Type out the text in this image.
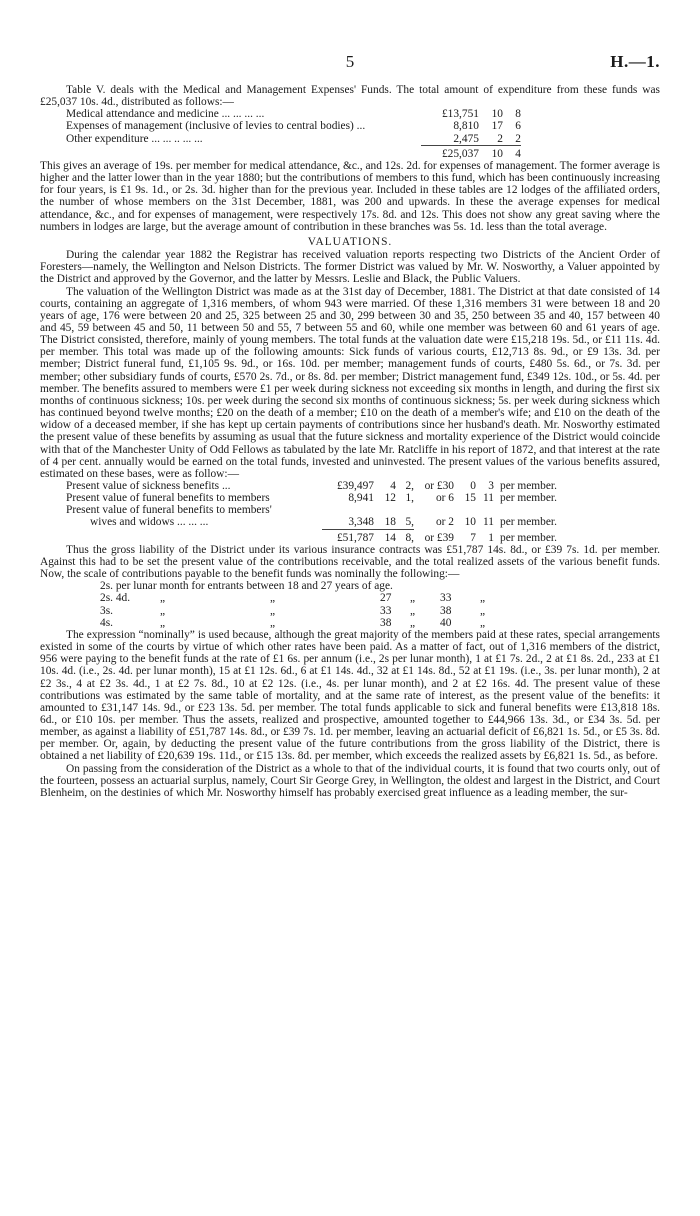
5	H.—1.

Table V. deals with the Medical and Management Expenses' Funds. The total amount of expenditure from these funds was £25,037 10s. 4d., distributed as follows:—

Medical attendance and medicine ... ... ... ...	£13,751	10	8
Expenses of management (inclusive of levies to central bodies) ...	8,810	17	6
Other expenditure ... ... .. ... ...	2,475	2	2

	£25,037	10	4

This gives an average of 19s. per member for medical attendance, &c., and 12s. 2d. for expenses of management. The former average is higher and the latter lower than in the year 1880; but the contributions of members to this fund, which has been continuously increasing for four years, is £1 9s. 1d., or 2s. 3d. higher than for the previous year. Included in these tables are 12 lodges of the affiliated orders, the number of whose members on the 31st December, 1881, was 200 and upwards. In these the average expenses for medical attendance, &c., and for expenses of management, were respectively 17s. 8d. and 12s. This does not show any great saving where the numbers in lodges are large, but the average amount of contribution in these branches was 5s. 1d. less than the total average.

VALUATIONS.

During the calendar year 1882 the Registrar has received valuation reports respecting two Districts of the Ancient Order of Foresters—namely, the Wellington and Nelson Districts. The former District was valued by Mr. W. Nosworthy, a Valuer appointed by the District and approved by the Governor, and the latter by Messrs. Leslie and Black, the Public Valuers.

The valuation of the Wellington District was made as at the 31st day of December, 1881. The District at that date consisted of 14 courts, containing an aggregate of 1,316 members, of whom 943 were married. Of these 1,316 members 31 were between 18 and 20 years of age, 176 were between 20 and 25, 325 between 25 and 30, 299 between 30 and 35, 250 between 35 and 40, 157 between 40 and 45, 59 between 45 and 50, 11 between 50 and 55, 7 between 55 and 60, while one member was between 60 and 61 years of age. The District consisted, therefore, mainly of young members. The total funds at the valuation date were £15,218 19s. 5d., or £11 11s. 4d. per member. This total was made up of the following amounts: Sick funds of various courts, £12,713 8s. 9d., or £9 13s. 3d. per member; District funeral fund, £1,105 9s. 9d., or 16s. 10d. per member; management funds of courts, £480 5s. 6d., or 7s. 3d. per member; other subsidiary funds of courts, £570 2s. 7d., or 8s. 8d. per member; District management fund, £349 12s. 10d., or 5s. 4d. per member. The benefits assured to members were £1 per week during sickness not exceeding six months in length, and during the first six months of continuous sickness; 10s. per week during the second six months of continuous sickness; 5s. per week during sickness which has continued beyond twelve months; £20 on the death of a member; £10 on the death of a member's wife; and £10 on the death of the widow of a deceased member, if she has kept up certain payments of contributions since her husband's death. Mr. Nosworthy estimated the present value of these benefits by assuming as usual that the future sickness and mortality experience of the District would coincide with that of the Manchester Unity of Odd Fellows as tabulated by the late Mr. Ratcliffe in his report of 1872, and that interest at the rate of 4 per cent. annually would be earned on the total funds, invested and uninvested. The present values of the various benefits assured, estimated on these bases, were as follow:—

Present value of sickness benefits ...	£39,497	4	2,	or £30	0	3	per member.
Present value of funeral benefits to members	8,941	12	1,	or 6	15	11	per member.
Present value of funeral benefits to members'							
wives and widows ... ... ...	3,348	18	5,	or 2	10	11	per member.

	£51,787	14	8,	or £39	7	1	per member.

Thus the gross liability of the District under its various insurance contracts was £51,787 14s. 8d., or £39 7s. 1d. per member. Against this had to be set the present value of the contributions receivable, and the total realized assets of the various benefit funds. Now, the scale of contributions payable to the benefit funds was nominally the following:—

2s. per lunar month for entrants between 18 and 27 years of age.						
2s. 4d.	„	„	27	„	33	„
3s.	„	„	33	„	38	„
4s.	„	„	38	„	40	„

The expression “nominally” is used because, although the great majority of the members paid at these rates, special arrangements existed in some of the courts by virtue of which other rates have been paid. As a matter of fact, out of 1,316 members of the district, 956 were paying to the benefit funds at the rate of £1 6s. per annum (i.e., 2s per lunar month), 1 at £1 7s. 2d., 2 at £1 8s. 2d., 233 at £1 10s. 4d. (i.e., 2s. 4d. per lunar month), 15 at £1 12s. 6d., 6 at £1 14s. 4d., 32 at £1 14s. 8d., 52 at £1 19s. (i.e., 3s. per lunar month), 2 at £2 3s., 4 at £2 3s. 4d., 1 at £2 7s. 8d., 10 at £2 12s. (i.e., 4s. per lunar month), and 2 at £2 16s. 4d. The present value of these contributions was estimated by the same table of mortality, and at the same rate of interest, as the present value of the benefits: it amounted to £31,147 14s. 9d., or £23 13s. 5d. per member. The total funds applicable to sick and funeral benefits were £13,818 18s. 6d., or £10 10s. per member. Thus the assets, realized and prospective, amounted together to £44,966 13s. 3d., or £34 3s. 5d. per member, as against a liability of £51,787 14s. 8d., or £39 7s. 1d. per member, leaving an actuarial deficit of £6,821 1s. 5d., or £5 3s. 8d. per member. Or, again, by deducting the present value of the future contributions from the gross liability of the District, there is obtained a net liability of £20,639 19s. 11d., or £15 13s. 8d. per member, which exceeds the realized assets by £6,821 1s. 5d., as before.

On passing from the consideration of the District as a whole to that of the individual courts, it is found that two courts only, out of the fourteen, possess an actuarial surplus, namely, Court Sir George Grey, in Wellington, the oldest and largest in the District, and Court Blenheim, on the destinies of which Mr. Nosworthy himself has probably exercised great influence as a leading member, the sur-
